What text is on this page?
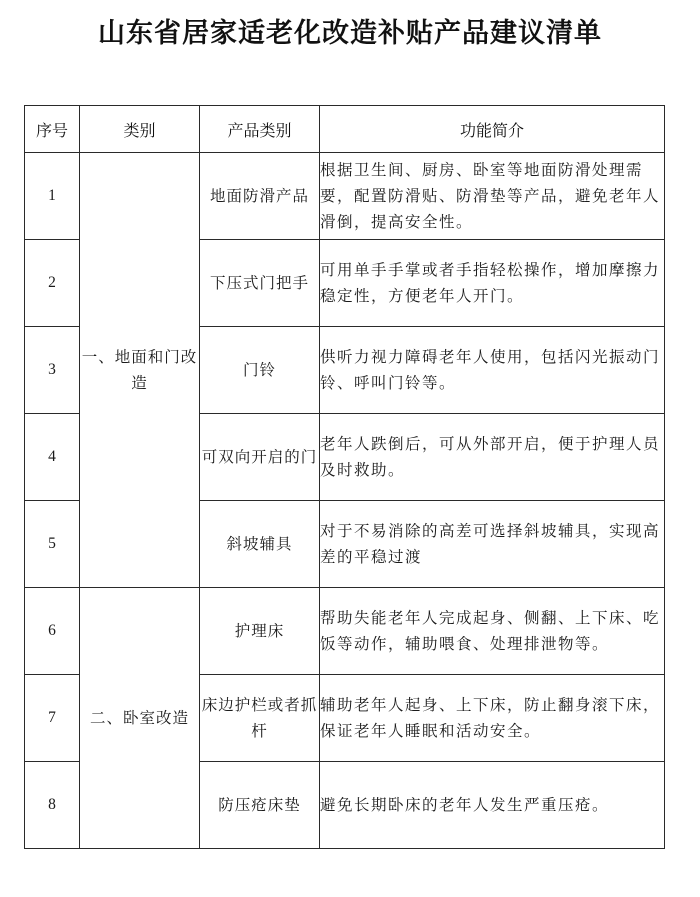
山东省居家适老化改造补贴产品建议清单
序号	类别	产品类别	功能简介
1	一、地面和门改造	地面防滑产品	根据卫生间、厨房、卧室等地面防滑处理需要，配置防滑贴、防滑垫等产品，避免老年人滑倒，提高安全性。
2		下压式门把手	可用单手手掌或者手指轻松操作，增加摩擦力稳定性，方便老年人开门。
3		门铃	供听力视力障碍老年人使用，包括闪光振动门铃、呼叫门铃等。
4		可双向开启的门	老年人跌倒后，可从外部开启，便于护理人员及时救助。
5		斜坡辅具	对于不易消除的高差可选择斜坡辅具，实现高差的平稳过渡
6	二、卧室改造	护理床	帮助失能老年人完成起身、侧翻、上下床、吃饭等动作，辅助喂食、处理排泄物等。
7		床边护栏或者抓杆	辅助老年人起身、上下床，防止翻身滚下床，保证老年人睡眠和活动安全。
8		防压疮床垫	避免长期卧床的老年人发生严重压疮。
